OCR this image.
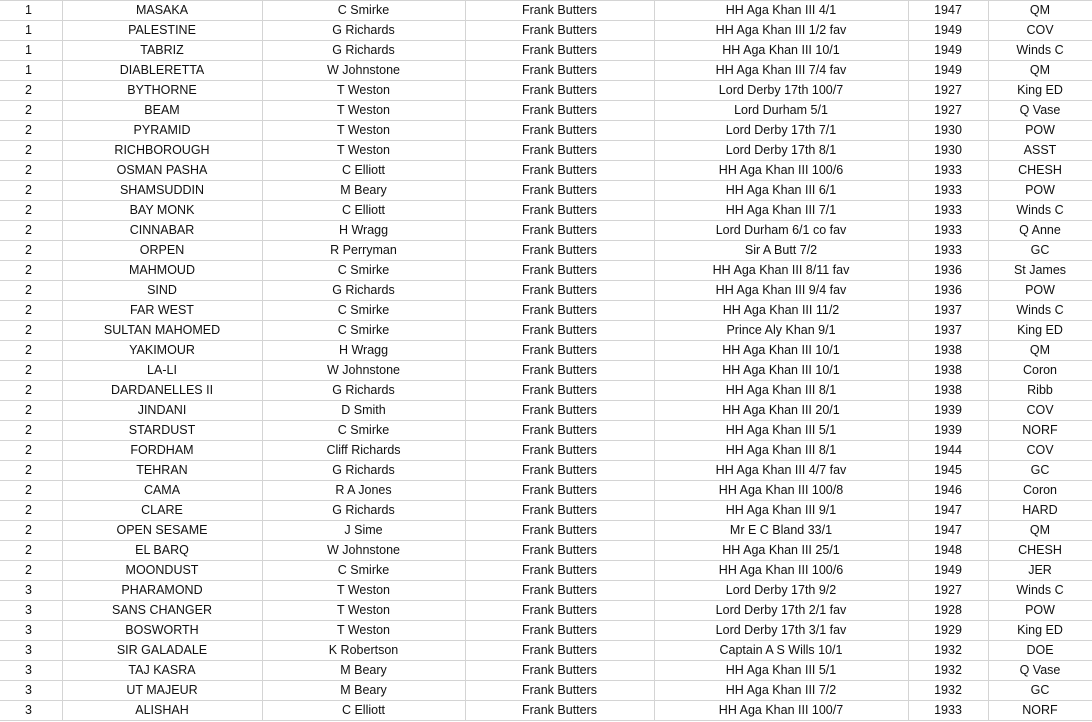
1	MASAKA	C Smirke	Frank Butters	HH Aga Khan III 4/1	1947	QM
1	PALESTINE	G Richards	Frank Butters	HH Aga Khan III 1/2 fav	1949	COV
1	TABRIZ	G Richards	Frank Butters	HH Aga Khan III 10/1	1949	Winds C
1	DIABLERETTA	W Johnstone	Frank Butters	HH Aga Khan III 7/4 fav	1949	QM
2	BYTHORNE	T Weston	Frank Butters	Lord Derby 17th 100/7	1927	King ED
2	BEAM	T Weston	Frank Butters	Lord Durham 5/1	1927	Q Vase
2	PYRAMID	T Weston	Frank Butters	Lord Derby 17th 7/1	1930	POW
2	RICHBOROUGH	T Weston	Frank Butters	Lord Derby 17th 8/1	1930	ASST
2	OSMAN PASHA	C Elliott	Frank Butters	HH Aga Khan III 100/6	1933	CHESH
2	SHAMSUDDIN	M Beary	Frank Butters	HH Aga Khan III 6/1	1933	POW
2	BAY MONK	C Elliott	Frank Butters	HH Aga Khan III 7/1	1933	Winds C
2	CINNABAR	H Wragg	Frank Butters	Lord Durham 6/1 co fav	1933	Q Anne
2	ORPEN	R Perryman	Frank Butters	Sir A Butt 7/2	1933	GC
2	MAHMOUD	C Smirke	Frank Butters	HH Aga Khan III 8/11 fav	1936	St James
2	SIND	G Richards	Frank Butters	HH Aga Khan III 9/4 fav	1936	POW
2	FAR WEST	C Smirke	Frank Butters	HH Aga Khan III 11/2	1937	Winds C
2	SULTAN MAHOMED	C Smirke	Frank Butters	Prince Aly Khan 9/1	1937	King ED
2	YAKIMOUR	H Wragg	Frank Butters	HH Aga Khan III 10/1	1938	QM
2	LA-LI	W Johnstone	Frank Butters	HH Aga Khan III 10/1	1938	Coron
2	DARDANELLES II	G Richards	Frank Butters	HH Aga Khan III 8/1	1938	Ribb
2	JINDANI	D Smith	Frank Butters	HH Aga Khan III 20/1	1939	COV
2	STARDUST	C Smirke	Frank Butters	HH Aga Khan III 5/1	1939	NORF
2	FORDHAM	Cliff Richards	Frank Butters	HH Aga Khan III 8/1	1944	COV
2	TEHRAN	G Richards	Frank Butters	HH Aga Khan III 4/7 fav	1945	GC
2	CAMA	R A Jones	Frank Butters	HH Aga Khan III 100/8	1946	Coron
2	CLARE	G Richards	Frank Butters	HH Aga Khan III 9/1	1947	HARD
2	OPEN SESAME	J Sime	Frank Butters	Mr E C Bland 33/1	1947	QM
2	EL BARQ	W Johnstone	Frank Butters	HH Aga Khan III 25/1	1948	CHESH
2	MOONDUST	C Smirke	Frank Butters	HH Aga Khan III 100/6	1949	JER
3	PHARAMOND	T Weston	Frank Butters	Lord Derby 17th 9/2	1927	Winds C
3	SANS CHANGER	T Weston	Frank Butters	Lord Derby 17th 2/1 fav	1928	POW
3	BOSWORTH	T Weston	Frank Butters	Lord Derby 17th 3/1 fav	1929	King ED
3	SIR GALADALE	K Robertson	Frank Butters	Captain A S Wills 10/1	1932	DOE
3	TAJ KASRA	M Beary	Frank Butters	HH Aga Khan III 5/1	1932	Q Vase
3	UT MAJEUR	M Beary	Frank Butters	HH Aga Khan III 7/2	1932	GC
3	ALISHAH	C Elliott	Frank Butters	HH Aga Khan III 100/7	1933	NORF
